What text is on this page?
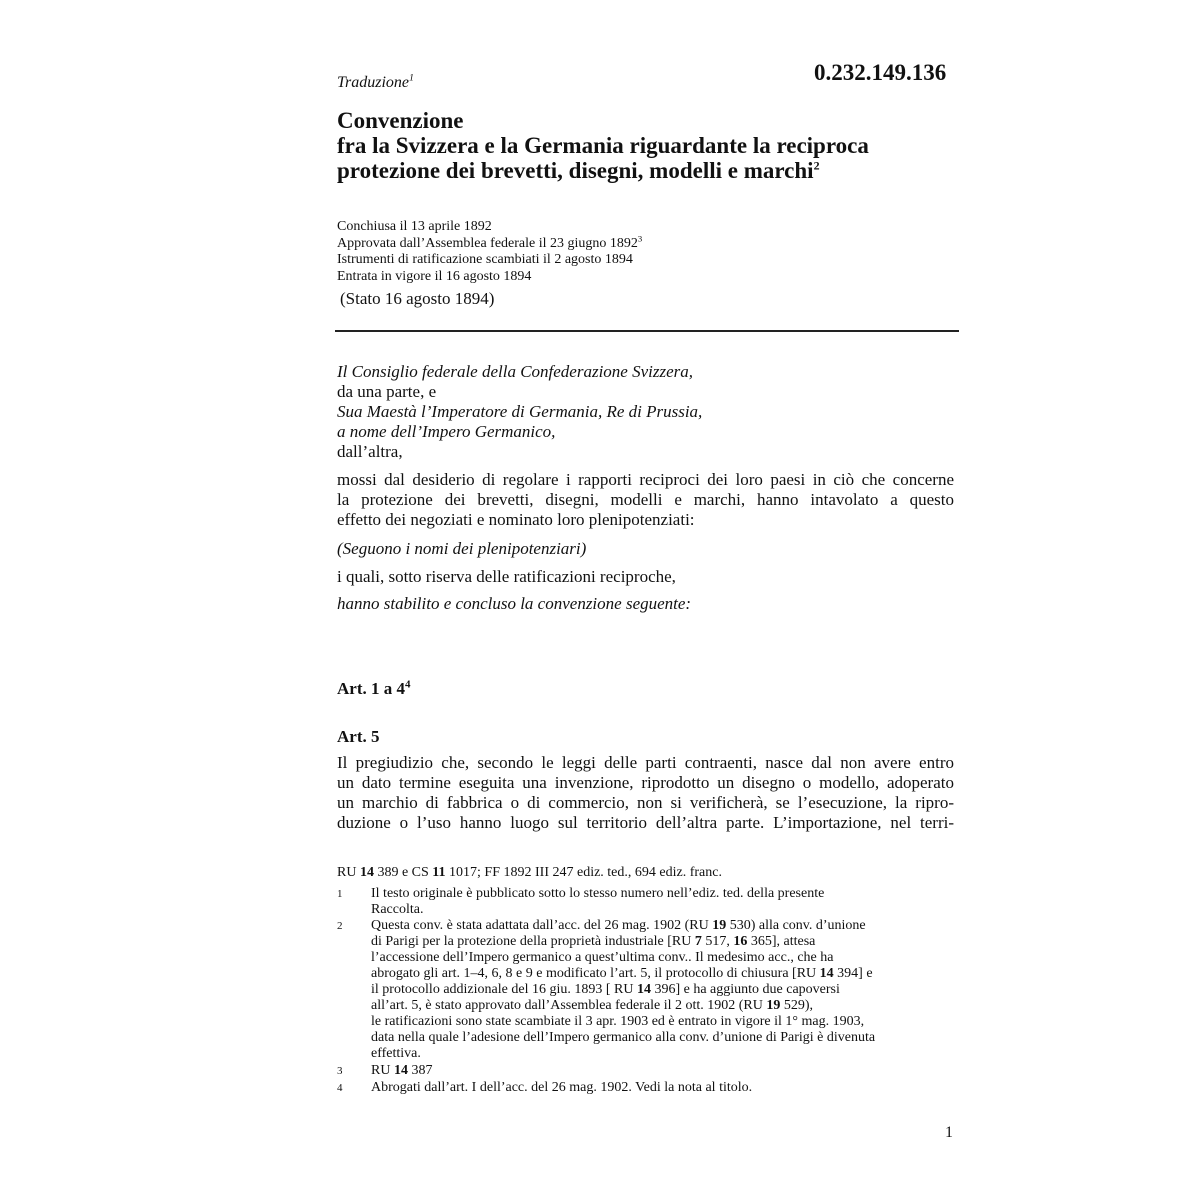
Traduzione$^1$	0.232.149.136
Convenzione
fra la Svizzera e la Germania riguardante la reciproca
protezione dei brevetti, disegni, modelli e marchi$^2$
Conchiusa il 13 aprile 1892
Approvata dall’Assemblea federale il 23 giugno 1892$^3$
Istrumenti di ratificazione scambiati il 2 agosto 1894
Entrata in vigore il 16 agosto 1894
(Stato 16 agosto 1894)
Il Consiglio federale della Confederazione Svizzera,
da una parte, e
Sua Maestà l’Imperatore di Germania, Re di Prussia,
a nome dell’Impero Germanico,
dall’altra,
mossi dal desiderio di regolare i rapporti reciproci dei loro paesi in ciò che concerne
la protezione dei brevetti, disegni, modelli e marchi, hanno intavolato a questo
effetto dei negoziati e nominato loro plenipotenziati:
(Seguono i nomi dei plenipotenziari)
i quali, sotto riserva delle ratificazioni reciproche,
hanno stabilito e concluso la convenzione seguente:
Art. 1 a $4^4$
Art. 5
Il pregiudizio che, secondo le leggi delle parti contraenti, nasce dal non avere entro
un dato termine eseguita una invenzione, riprodotto un disegno o modello, adoperato
un marchio di fabbrica o di commercio, non si verificherà, se l’esecuzione, la ripro-
duzione o l’uso hanno luogo sul territorio dell’altra parte. L’importazione, nel terri-
RU 14 389 e CS 11 1017; FF 1892 III 247 ediz. ted., 694 ediz. franc.
1 Il testo originale è pubblicato sotto lo stesso numero nell’ediz. ted. della presente
Raccolta.
2 Questa conv. è stata adattata dall’acc. del 26 mag. 1902 (RU 19 530) alla conv. d’unione
di Parigi per la protezione della proprietà industriale [RU 7 517, 16 365], attesa
l’accessione dell’Impero germanico a quest’ultima conv.. Il medesimo acc., che ha
abrogato gli art. 1–4, 6, 8 e 9 e modificato l’art. 5, il protocollo di chiusura [RU 14 394] e
il protocollo addizionale del 16 giu. 1893 [ RU 14 396] e ha aggiunto due capoversi
all’art. 5, è stato approvato dall’Assemblea federale il 2 ott. 1902 (RU 19 529),
le ratificazioni sono state scambiate il 3 apr. 1903 ed è entrato in vigore il 1° mag. 1903,
data nella quale l’adesione dell’Impero germanico alla conv. d’unione di Parigi è divenuta
effettiva.
3 RU 14 387
4 Abrogati dall’art. I dell’acc. del 26 mag. 1902. Vedi la nota al titolo.
1
